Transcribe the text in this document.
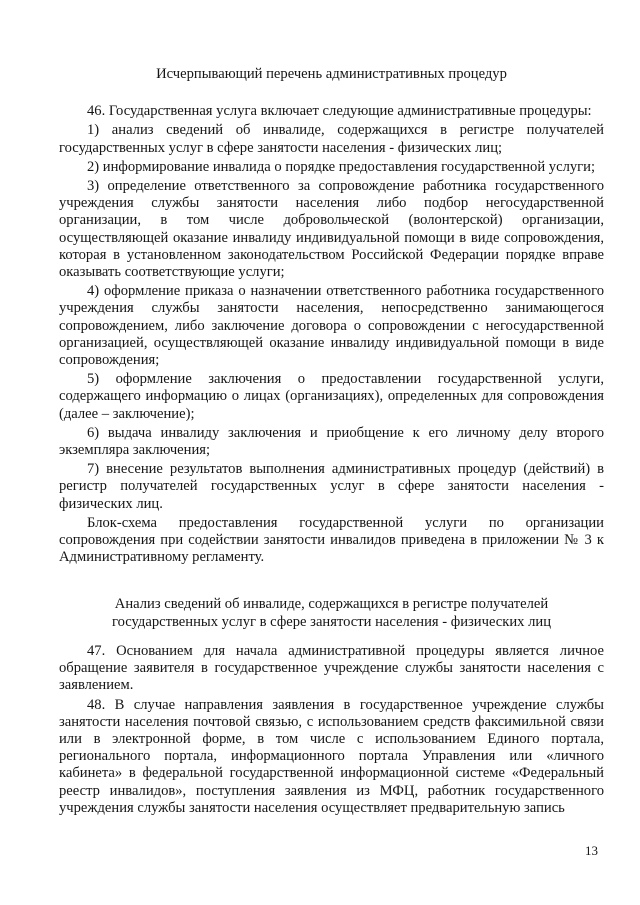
Исчерпывающий перечень административных процедур

46. Государственная услуга включает следующие административные процедуры:

1) анализ сведений об инвалиде, содержащихся в регистре получателей государственных услуг в сфере занятости населения - физических лиц;

2) информирование инвалида о порядке предоставления государственной услуги;

3) определение ответственного за сопровождение работника государственного учреждения службы занятости населения либо подбор негосударственной организации, в том числе добровольческой (волонтерской) организации, осуществляющей оказание инвалиду индивидуальной помощи в виде сопровождения, которая в установленном законодательством Российской Федерации порядке вправе оказывать соответствующие услуги;

4) оформление приказа о назначении ответственного работника государственного учреждения службы занятости населения, непосредственно занимающегося сопровождением, либо заключение договора о сопровождении с негосударственной организацией, осуществляющей оказание инвалиду индивидуальной помощи в виде сопровождения;

5) оформление заключения о предоставлении государственной услуги, содержащего информацию о лицах (организациях), определенных для сопровождения (далее – заключение);

6) выдача инвалиду заключения и приобщение к его личному делу второго экземпляра заключения;

7) внесение результатов выполнения административных процедур (действий) в регистр получателей государственных услуг в сфере занятости населения - физических лиц.

Блок-схема предоставления государственной услуги по организации сопровождения при содействии занятости инвалидов приведена в приложении № 3 к Административному регламенту.

Анализ сведений об инвалиде, содержащихся в регистре получателей государственных услуг в сфере занятости населения - физических лиц

47. Основанием для начала административной процедуры является личное обращение заявителя в государственное учреждение службы занятости населения с заявлением.

48. В случае направления заявления в государственное учреждение службы занятости населения почтовой связью, с использованием средств факсимильной связи или в электронной форме, в том числе с использованием Единого портала, регионального портала, информационного портала Управления или «личного кабинета» в федеральной государственной информационной системе «Федеральный реестр инвалидов», поступления заявления из МФЦ, работник государственного учреждения службы занятости населения осуществляет предварительную запись

13
